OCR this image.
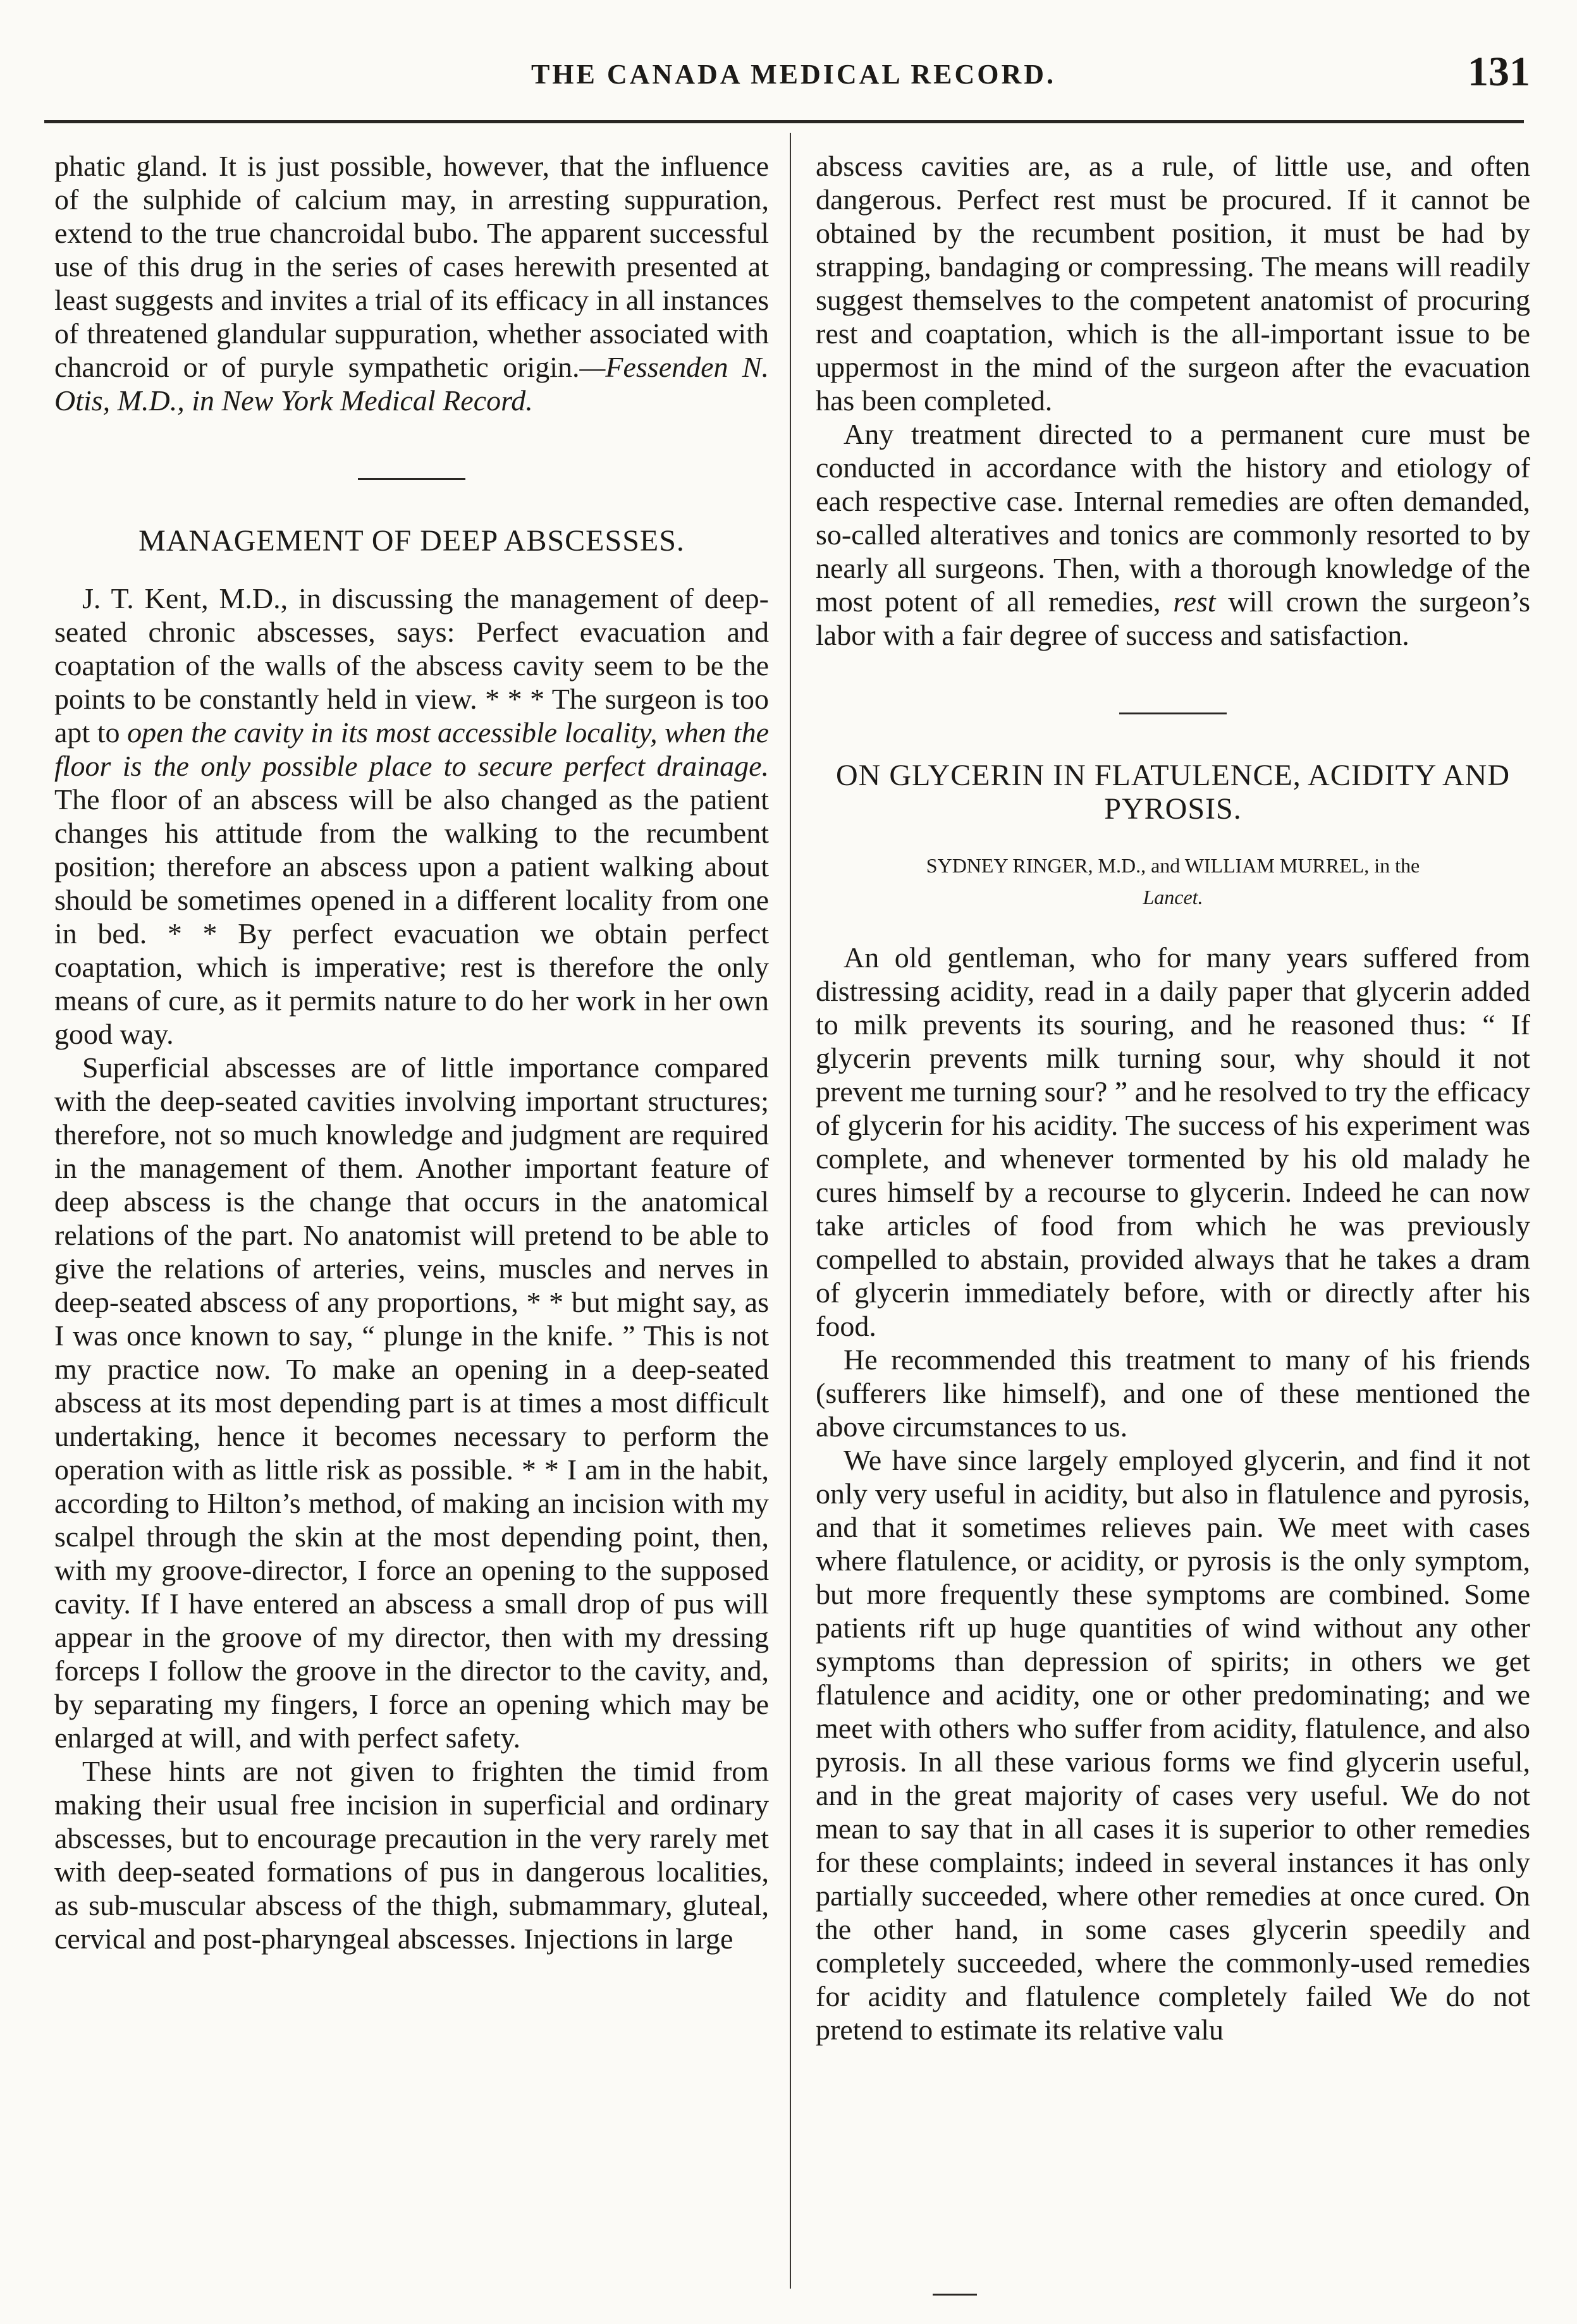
THE CANADA MEDICAL RECORD.	131

phatic gland. It is just possible, however, that the influence of the sulphide of calcium may, in arresting suppuration, extend to the true chancroidal bubo. The apparent successful use of this drug in the series of cases herewith presented at least suggests and invites a trial of its efficacy in all instances of threatened glandular suppuration, whether associated with chancroid or of puryle sympathetic origin.—Fessenden N. Otis, M.D., in New York Medical Record.

MANAGEMENT OF DEEP ABSCESSES.

J. T. Kent, M.D., in discussing the management of deep-seated chronic abscesses, says: Perfect evacuation and coaptation of the walls of the abscess cavity seem to be the points to be constantly held in view. * * * The surgeon is too apt to open the cavity in its most accessible locality, when the floor is the only possible place to secure perfect drainage. The floor of an abscess will be also changed as the patient changes his attitude from the walking to the recumbent position; therefore an abscess upon a patient walking about should be sometimes opened in a different locality from one in bed. * * By perfect evacuation we obtain perfect coaptation, which is imperative; rest is therefore the only means of cure, as it permits nature to do her work in her own good way.

Superficial abscesses are of little importance compared with the deep-seated cavities involving important structures; therefore, not so much knowledge and judgment are required in the management of them. Another important feature of deep abscess is the change that occurs in the anatomical relations of the part. No anatomist will pretend to be able to give the relations of arteries, veins, muscles and nerves in deep-seated abscess of any proportions, * * but might say, as I was once known to say, “ plunge in the knife. ” This is not my practice now. To make an opening in a deep-seated abscess at its most depending part is at times a most difficult undertaking, hence it becomes necessary to perform the operation with as little risk as possible. * * I am in the habit, according to Hilton’s method, of making an incision with my scalpel through the skin at the most depending point, then, with my groove-director, I force an opening to the supposed cavity. If I have entered an abscess a small drop of pus will appear in the groove of my director, then with my dressing forceps I follow the groove in the director to the cavity, and, by separating my fingers, I force an opening which may be enlarged at will, and with perfect safety.

These hints are not given to frighten the timid from making their usual free incision in superficial and ordinary abscesses, but to encourage precaution in the very rarely met with deep-seated formations of pus in dangerous localities, as sub-muscular abscess of the thigh, submammary, gluteal, cervical and post-pharyngeal abscesses. Injections in large

abscess cavities are, as a rule, of little use, and often dangerous. Perfect rest must be procured. If it cannot be obtained by the recumbent position, it must be had by strapping, bandaging or compressing. The means will readily suggest themselves to the competent anatomist of procuring rest and coaptation, which is the all-important issue to be uppermost in the mind of the surgeon after the evacuation has been completed.

Any treatment directed to a permanent cure must be conducted in accordance with the history and etiology of each respective case. Internal remedies are often demanded, so-called alteratives and tonics are commonly resorted to by nearly all surgeons. Then, with a thorough knowledge of the most potent of all remedies, rest will crown the surgeon’s labor with a fair degree of success and satisfaction.

ON GLYCERIN IN FLATULENCE, ACIDITY AND PYROSIS.
SYDNEY RINGER, M.D., and WILLIAM MURREL, in the
Lancet.

An old gentleman, who for many years suffered from distressing acidity, read in a daily paper that glycerin added to milk prevents its souring, and he reasoned thus: “ If glycerin prevents milk turning sour, why should it not prevent me turning sour? ” and he resolved to try the efficacy of glycerin for his acidity. The success of his experiment was complete, and whenever tormented by his old malady he cures himself by a recourse to glycerin. Indeed he can now take articles of food from which he was previously compelled to abstain, provided always that he takes a dram of glycerin immediately before, with or directly after his food.

He recommended this treatment to many of his friends (sufferers like himself), and one of these mentioned the above circumstances to us.

We have since largely employed glycerin, and find it not only very useful in acidity, but also in flatulence and pyrosis, and that it sometimes relieves pain. We meet with cases where flatulence, or acidity, or pyrosis is the only symptom, but more frequently these symptoms are combined. Some patients rift up huge quantities of wind without any other symptoms than depression of spirits; in others we get flatulence and acidity, one or other predominating; and we meet with others who suffer from acidity, flatulence, and also pyrosis. In all these various forms we find glycerin useful, and in the great majority of cases very useful. We do not mean to say that in all cases it is superior to other remedies for these complaints; indeed in several instances it has only partially succeeded, where other remedies at once cured. On the other hand, in some cases glycerin speedily and completely succeeded, where the commonly-used remedies for acidity and flatulence completely failed We do not pretend to estimate its relative valu
